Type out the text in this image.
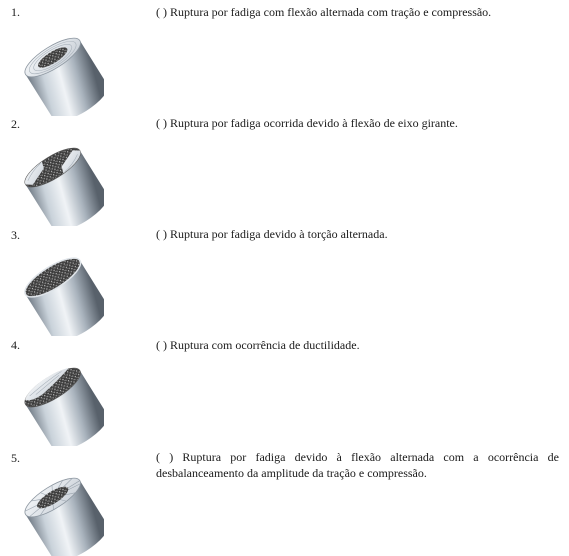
1.	( ) Ruptura por fadiga com flexão alternada com tração e compressão.
2.	( ) Ruptura por fadiga ocorrida devido à flexão de eixo girante.
3.	( ) Ruptura por fadiga devido à torção alternada.
4.	( ) Ruptura com ocorrência de ductilidade.
5.	( ) Ruptura por fadiga devido à flexão alternada com a ocorrência de desbalanceamento da amplitude da tração e compressão.
